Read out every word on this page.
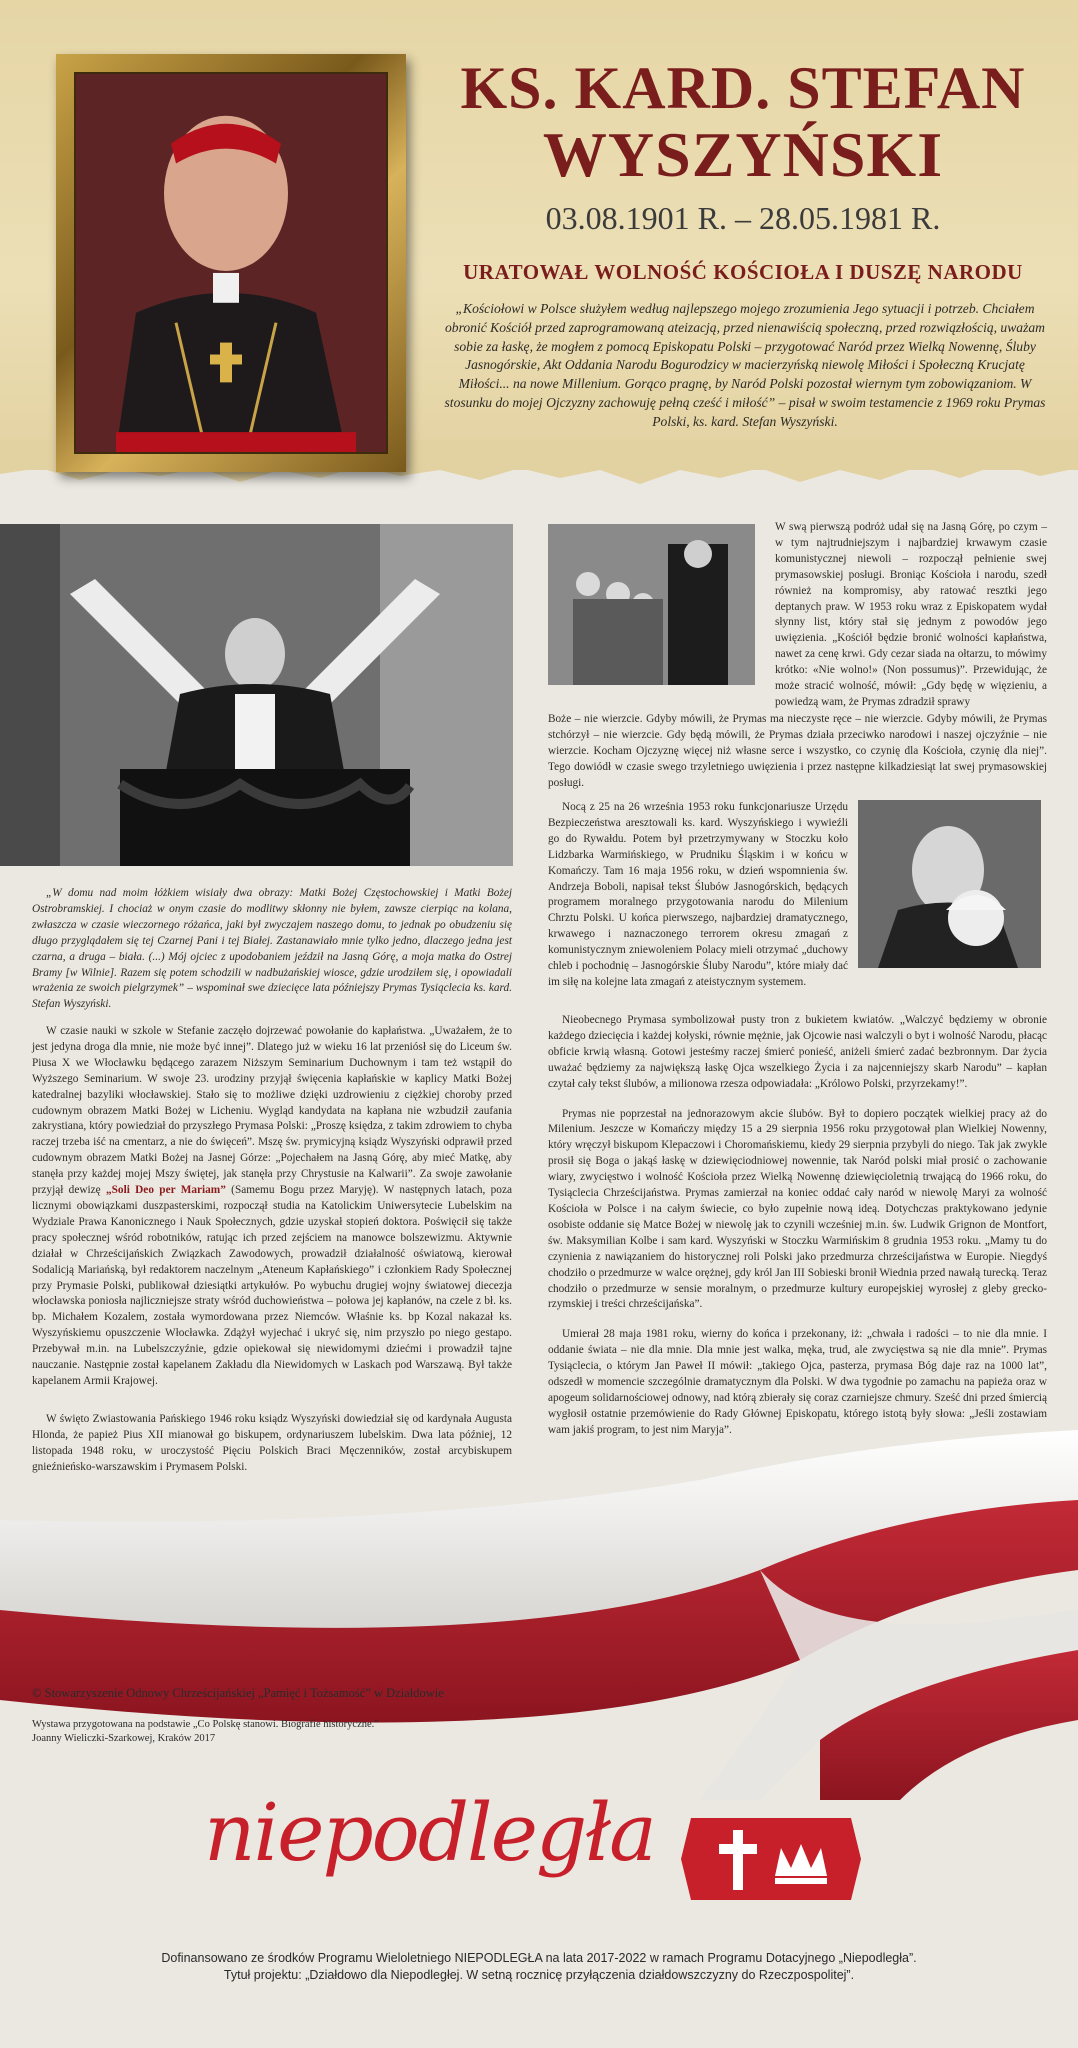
KS. KARD. STEFAN
WYSZYŃSKI
03.08.1901 R. – 28.05.1981 R.
URATOWAŁ WOLNOŚĆ KOŚCIOŁA I DUSZĘ NARODU
„Kościołowi w Polsce służyłem według najlepszego mojego zrozumienia Jego sytuacji i potrzeb. Chciałem obronić Kościół przed zaprogramowaną ateizacją, przed nienawiścią społeczną, przed rozwiązłością, uważam sobie za łaskę, że mogłem z pomocą Episkopatu Polski – przygotować Naród przez Wielką Nowennę, Śluby Jasnogórskie, Akt Oddania Narodu Bogurodzicy w macierzyńską niewolę Miłości i Społeczną Krucjatę Miłości... na nowe Millenium. Gorąco pragnę, by Naród Polski pozostał wiernym tym zobowiązaniom. W stosunku do mojej Ojczyzny zachowuję pełną cześć i miłość” – pisał w swoim testamencie z 1969 roku Prymas Polski, ks. kard. Stefan Wyszyński.

„W domu nad moim łóżkiem wisiały dwa obrazy: Matki Bożej Częstochowskiej i Matki Bożej Ostrobramskiej. I chociaż w onym czasie do modlitwy skłonny nie byłem, zawsze cierpiąc na kolana, zwłaszcza w czasie wieczornego różańca, jaki był zwyczajem naszego domu, to jednak po obudzeniu się długo przyglądałem się tej Czarnej Pani i tej Białej. Zastanawiało mnie tylko jedno, dlaczego jedna jest czarna, a druga – biała. (...) Mój ojciec z upodobaniem jeździł na Jasną Górę, a moja matka do Ostrej Bramy [w Wilnie]. Razem się potem schodzili w nadbużańskiej wiosce, gdzie urodziłem się, i opowiadali wrażenia ze swoich pielgrzymek” – wspominał swe dziecięce lata późniejszy Prymas Tysiąclecia ks. kard. Stefan Wyszyński.

W czasie nauki w szkole w Stefanie zaczęło dojrzewać powołanie do kapłaństwa. „Uważałem, że to jest jedyna droga dla mnie, nie może być innej”. Dlatego już w wieku 16 lat przeniósł się do Liceum św. Piusa X we Włocławku będącego zarazem Niższym Seminarium Duchownym i tam też wstąpił do Wyższego Seminarium. W swoje 23. urodziny przyjął święcenia kapłańskie w kaplicy Matki Bożej katedralnej bazyliki włocławskiej. Stało się to możliwe dzięki uzdrowieniu z ciężkiej choroby przed cudownym obrazem Matki Bożej w Licheniu. Wygląd kandydata na kapłana nie wzbudził zaufania zakrystiana, który powiedział do przyszłego Prymasa Polski: „Proszę księdza, z takim zdrowiem to chyba raczej trzeba iść na cmentarz, a nie do święceń”. Mszę św. prymicyjną ksiądz Wyszyński odprawił przed cudownym obrazem Matki Bożej na Jasnej Górze: „Pojechałem na Jasną Górę, aby mieć Matkę, aby stanęła przy każdej mojej Mszy świętej, jak stanęła przy Chrystusie na Kalwarii”. Za swoje zawołanie przyjął dewizę „Soli Deo per Mariam” (Samemu Bogu przez Maryję). W następnych latach, poza licznymi obowiązkami duszpasterskimi, rozpoczął studia na Katolickim Uniwersytecie Lubelskim na Wydziale Prawa Kanonicznego i Nauk Społecznych, gdzie uzyskał stopień doktora. Poświęcił się także pracy społecznej wśród robotników, ratując ich przed zejściem na manowce bolszewizmu. Aktywnie działał w Chrześcijańskich Związkach Zawodowych, prowadził działalność oświatową, kierował Sodalicją Mariańską, był redaktorem naczelnym „Ateneum Kapłańskiego” i członkiem Rady Społecznej przy Prymasie Polski, publikował dziesiątki artykułów. Po wybuchu drugiej wojny światowej diecezja włocławska poniosła najliczniejsze straty wśród duchowieństwa – połowa jej kapłanów, na czele z bł. ks. bp. Michałem Kozalem, została wymordowana przez Niemców. Właśnie ks. bp Kozal nakazał ks. Wyszyńskiemu opuszczenie Włocławka. Zdążył wyjechać i ukryć się, nim przyszło po niego gestapo. Przebywał m.in. na Lubelszczyźnie, gdzie opiekował się niewidomymi dziećmi i prowadził tajne nauczanie. Następnie został kapelanem Zakładu dla Niewidomych w Laskach pod Warszawą. Był także kapelanem Armii Krajowej.

W święto Zwiastowania Pańskiego 1946 roku ksiądz Wyszyński dowiedział się od kardynała Augusta Hlonda, że papież Pius XII mianował go biskupem, ordynariuszem lubelskim. Dwa lata później, 12 listopada 1948 roku, w uroczystość Pięciu Polskich Braci Męczenników, został arcybiskupem gnieźnieńsko-warszawskim i Prymasem Polski.

W swą pierwszą podróż udał się na Jasną Górę, po czym – w tym najtrudniejszym i najbardziej krwawym czasie komunistycznej niewoli – rozpoczął pełnienie swej prymasowskiej posługi. Broniąc Kościoła i narodu, szedł również na kompromisy, aby ratować resztki jego deptanych praw. W 1953 roku wraz z Episkopatem wydał słynny list, który stał się jednym z powodów jego uwięzienia. „Kościół będzie bronić wolności kapłaństwa, nawet za cenę krwi. Gdy cezar siada na ołtarzu, to mówimy krótko: «Nie wolno!» (Non possumus)”. Przewidując, że może stracić wolność, mówił: „Gdy będę w więzieniu, a powiedzą wam, że Prymas zdradził sprawy

Boże – nie wierzcie. Gdyby mówili, że Prymas ma nieczyste ręce – nie wierzcie. Gdyby mówili, że Prymas stchórzył – nie wierzcie. Gdy będą mówili, że Prymas działa przeciwko narodowi i naszej ojczyźnie – nie wierzcie. Kocham Ojczyznę więcej niż własne serce i wszystko, co czynię dla Kościoła, czynię dla niej”. Tego dowiódł w czasie swego trzyletniego uwięzienia i przez następne kilkadziesiąt lat swej prymasowskiej posługi.

Nocą z 25 na 26 września 1953 roku funkcjonariusze Urzędu Bezpieczeństwa aresztowali ks. kard. Wyszyńskiego i wywieźli go do Rywałdu. Potem był przetrzymywany w Stoczku koło Lidzbarka Warmińskiego, w Prudniku Śląskim i w końcu w Komańczy. Tam 16 maja 1956 roku, w dzień wspomnienia św. Andrzeja Boboli, napisał tekst Ślubów Jasnogórskich, będących programem moralnego przygotowania narodu do Milenium Chrztu Polski. U końca pierwszego, najbardziej dramatycznego, krwawego i naznaczonego terrorem okresu zmagań z komunistycznym zniewoleniem Polacy mieli otrzymać „duchowy chleb i pochodnię – Jasnogórskie Śluby Narodu”, które miały dać im siłę na kolejne lata zmagań z ateistycznym systemem.

Nieobecnego Prymasa symbolizował pusty tron z bukietem kwiatów. „Walczyć będziemy w obronie każdego dziecięcia i każdej kołyski, równie mężnie, jak Ojcowie nasi walczyli o byt i wolność Narodu, płacąc obficie krwią własną. Gotowi jesteśmy raczej śmierć ponieść, aniżeli śmierć zadać bezbronnym. Dar życia uważać będziemy za największą łaskę Ojca wszelkiego Życia i za najcenniejszy skarb Narodu” – kapłan czytał cały tekst ślubów, a milionowa rzesza odpowiadała: „Królowo Polski, przyrzekamy!”.

Prymas nie poprzestał na jednorazowym akcie ślubów. Był to dopiero początek wielkiej pracy aż do Milenium. Jeszcze w Komańczy między 15 a 29 sierpnia 1956 roku przygotował plan Wielkiej Nowenny, który wręczył biskupom Klepaczowi i Choromańskiemu, kiedy 29 sierpnia przybyli do niego. Tak jak zwykle prosił się Boga o jakąś łaskę w dziewięciodniowej nowennie, tak Naród polski miał prosić o zachowanie wiary, zwycięstwo i wolność Kościoła przez Wielką Nowennę dziewięcioletnią trwającą do 1966 roku, do Tysiąclecia Chrześcijaństwa. Prymas zamierzał na koniec oddać cały naród w niewolę Maryi za wolność Kościoła w Polsce i na całym świecie, co było zupełnie nową ideą. Dotychczas praktykowano jedynie osobiste oddanie się Matce Bożej w niewolę jak to czynili wcześniej m.in. św. Ludwik Grignon de Montfort, św. Maksymilian Kolbe i sam kard. Wyszyński w Stoczku Warmińskim 8 grudnia 1953 roku. „Mamy tu do czynienia z nawiązaniem do historycznej roli Polski jako przedmurza chrześcijaństwa w Europie. Niegdyś chodziło o przedmurze w walce orężnej, gdy król Jan III Sobieski bronił Wiednia przed nawałą turecką. Teraz chodziło o przedmurze w sensie moralnym, o przedmurze kultury europejskiej wyrosłej z gleby grecko-rzymskiej i treści chrześcijańska”.

Umierał 28 maja 1981 roku, wierny do końca i przekonany, iż: „chwała i radości – to nie dla mnie. I oddanie świata – nie dla mnie. Dla mnie jest walka, męka, trud, ale zwycięstwa są nie dla mnie”. Prymas Tysiąclecia, o którym Jan Paweł II mówił: „takiego Ojca, pasterza, prymasa Bóg daje raz na 1000 lat”, odszedł w momencie szczególnie dramatycznym dla Polski. W dwa tygodnie po zamachu na papieża oraz w apogeum solidarnościowej odnowy, nad którą zbierały się coraz czarniejsze chmury. Sześć dni przed śmiercią wygłosił ostatnie przemówienie do Rady Głównej Episkopatu, którego istotą były słowa: „Jeśli zostawiam wam jakiś program, to jest nim Maryja”.

© Stowarzyszenie Odnowy Chrześcijańskiej „Pamięć i Tożsamość” w Działdowie
Wystawa przygotowana na podstawie „Co Polskę stanowi. Biografie historyczne.”
Joanny Wieliczki-Szarkowej, Kraków 2017
niepodległa
Dofinansowano ze środków Programu Wieloletniego NIEPODLEGŁA na lata 2017-2022 w ramach Programu Dotacyjnego „Niepodległa”.
Tytuł projektu: „Działdowo dla Niepodległej. W setną rocznicę przyłączenia działdowszczyzny do Rzeczpospolitej”.
